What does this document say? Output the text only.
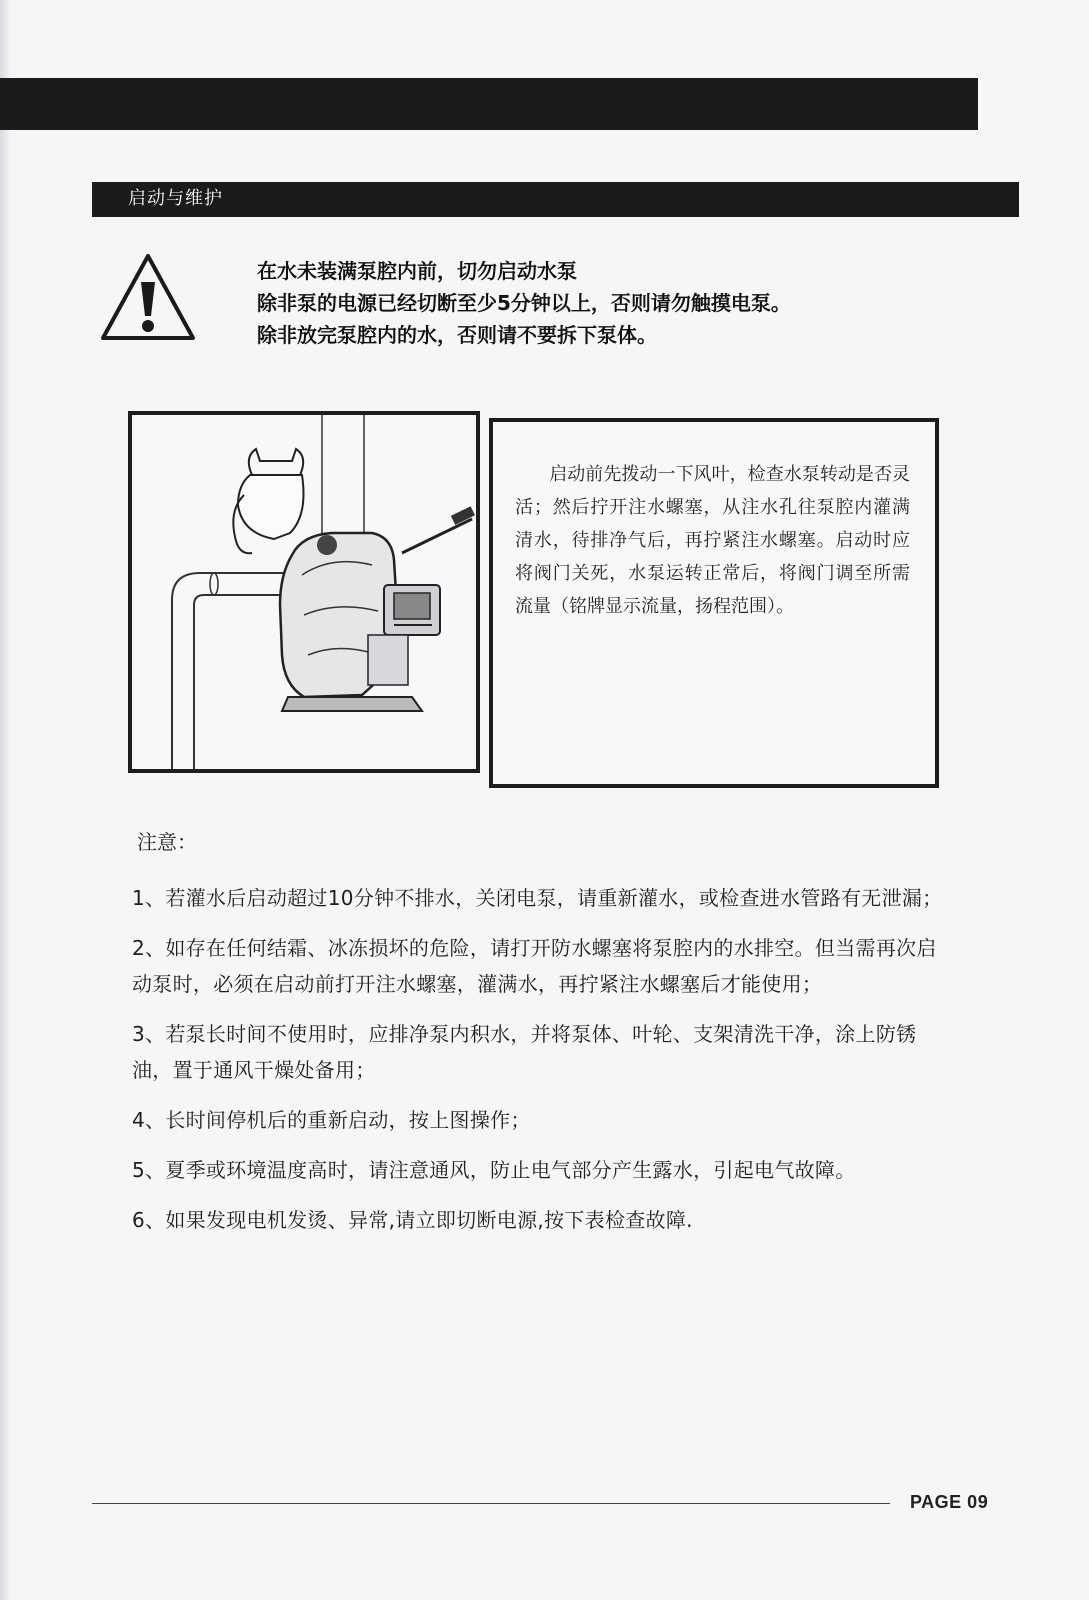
启动与维护
在水未装满泵腔内前，切勿启动水泵
除非泵的电源已经切断至少5分钟以上，否则请勿触摸电泵。
除非放完泵腔内的水，否则请不要拆下泵体。
启动前先拨动一下风叶，检查水泵转动是否灵活；然后拧开注水螺塞，从注水孔往泵腔内灌满清水，待排净气后，再拧紧注水螺塞。启动时应将阀门关死，水泵运转正常后，将阀门调至所需流量（铭牌显示流量，扬程范围）。
注意：
1、若灌水后启动超过10分钟不排水，关闭电泵，请重新灌水，或检查进水管路有无泄漏；
2、如存在任何结霜、冰冻损坏的危险，请打开防水螺塞将泵腔内的水排空。但当需再次启动泵时，必须在启动前打开注水螺塞，灌满水，再拧紧注水螺塞后才能使用；
3、若泵长时间不使用时，应排净泵内积水，并将泵体、叶轮、支架清洗干净，涂上防锈油，置于通风干燥处备用；
4、长时间停机后的重新启动，按上图操作；
5、夏季或环境温度高时，请注意通风，防止电气部分产生露水，引起电气故障。
6、如果发现电机发烫、异常,请立即切断电源,按下表检查故障.
PAGE 09
